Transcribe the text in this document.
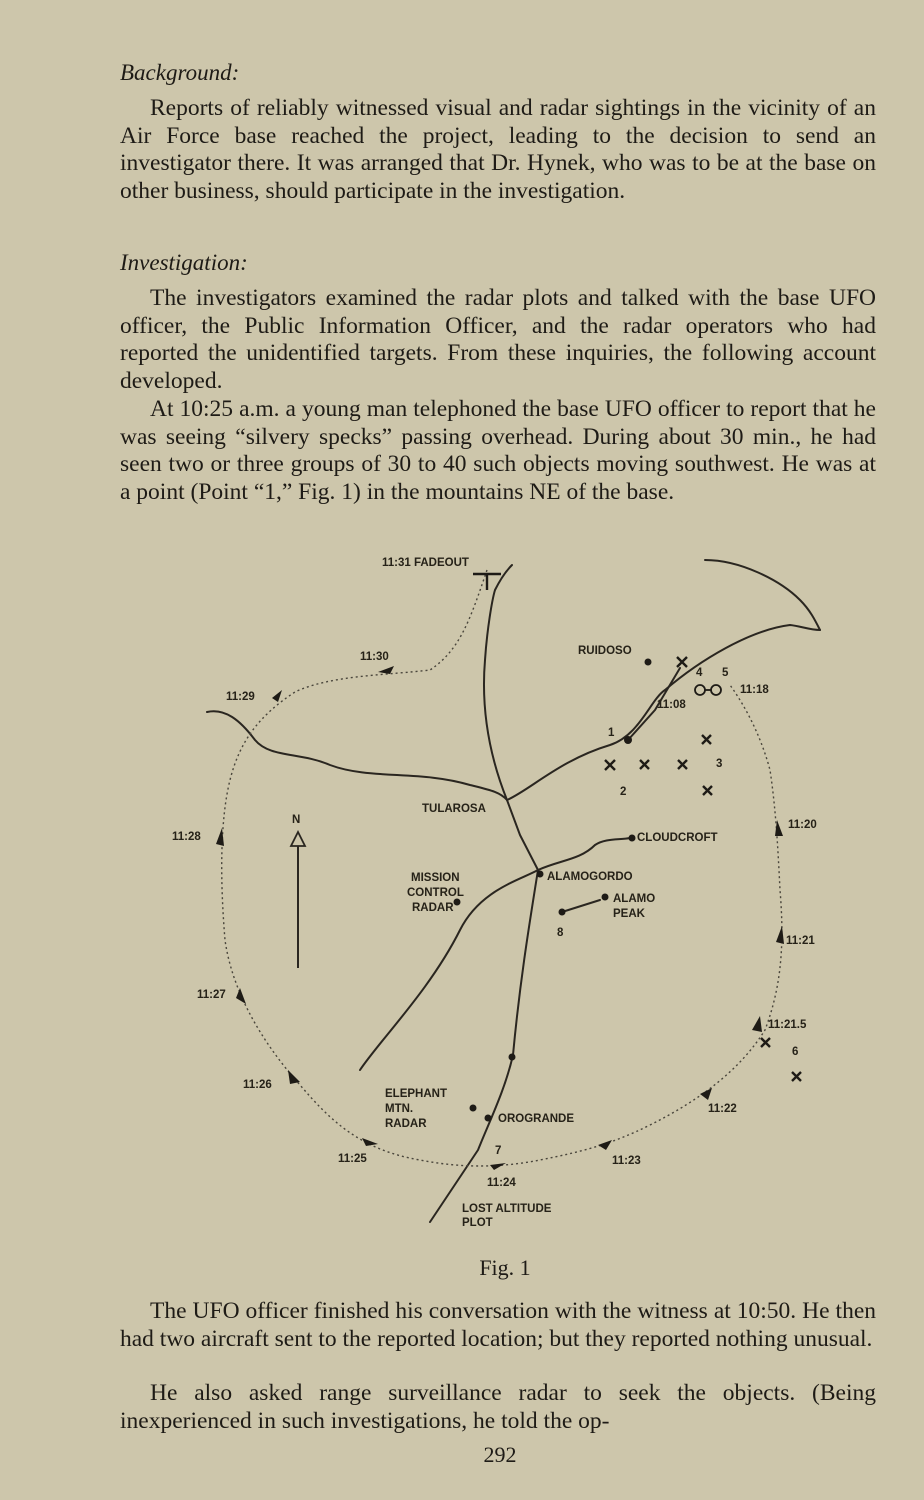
Background:

Reports of reliably witnessed visual and radar sightings in the vicinity of an Air Force base reached the project, leading to the decision to send an investigator there. It was arranged that Dr. Hynek, who was to be at the base on other business, should participate in the investigation.

Investigation:

The investigators examined the radar plots and talked with the base UFO officer, the Public Information Officer, and the radar operators who had reported the unidentified targets. From these inquiries, the following account developed.

At 10:25 a.m. a young man telephoned the base UFO officer to report that he was seeing “silvery specks” passing overhead. During about 30 min., he had seen two or three groups of 30 to 40 such objects moving southwest. He was at a point (Point “1,” Fig. 1) in the mountains NE of the base.

11:31 FADEOUT
11:30
11:29
11:28
11:27
11:26
11:25
11:24
11:23
11:22
11:21.5
11:21
11:20
11:18
11:08
RUIDOSO
TULAROSA
CLOUDCROFT
ALAMOGORDO
ALAMO
PEAK
MISSION
CONTROL
RADAR
ELEPHANT
MTN.
RADAR	OROGRANDE
LOST ALTITUDE
PLOT
N
1
2
3
4 5
6
7
8
Fig. 1

The UFO officer finished his conversation with the witness at 10:50. He then had two aircraft sent to the reported location; but they reported nothing unusual.

He also asked range surveillance radar to seek the objects. (Being inexperienced in such investigations, he told the op-

292
